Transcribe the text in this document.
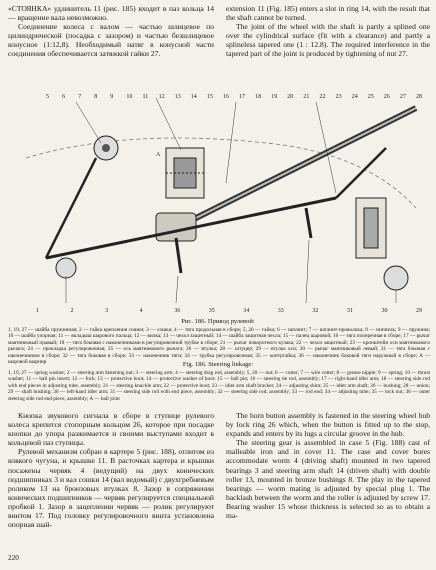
«СТОЯНКА» удлинитель 11 (рис. 185) входит в паз кольца 14 — вращение вала невозможно.

Соединение колеса с валом — частью шлицевое по цилиндрической (посадка с зазором) и частью безшлицевое конусное (1:12,8). Необходимый натяг в конусной части соединения обеспечивается затяжкой гайки 27.

extension 11 (Fig. 185) enters a slot in ring 14, with the result that the shaft cannot be turned.

The joint of the wheel with the shaft is partly a splined one over the cylindrical surface (fit with a clearance) and partly a splineless tapered one (1 : 12.8). The required interference in the tapered part of the joint is produced by tightening of nut 27.

5 6 7 8 9 10 11 12 13 14 15 16 17 18 19 20 21 22 23 24 25 26 27 28
1	2	3	4	36	35	34	33	32	31	30	29
А
Рис. 186. Привод рулевой:
1, 19, 27 — шайба пружинная; 2 — гайка крепления сошки; 3 — сошка; 4 — тяга продольная в сборе; 5, 20 — гайка; 6 — шплинт; 7 — шплинт-проволока; 8 — ниппель; 9 — пружина; 10 — шайба упорная; 11 — вкладыш шарового пальца; 12 — вилка; 13 — чехол защитный; 14 — шайба защитная чехла; 15 — палец шаровой; 16 — тяга поперечная в сборе; 17 — рычаг маятниковый правый; 18 — тяга боковая с наконечниками в регулировочной трубке в сборе; 21 — рычаг поворотного кулака; 22 — чехол защитный; 23 — кронштейн оси маятникового рычага; 24 — прокладка регулировочная; 25 — ось маятникового рычага; 26 — втулка; 28 — штуцер; 29 — втулка оси; 30 — рычаг маятниковый левый; 31 — тяга боковая с наконечником в сборе; 32 — тяга боковая в сборе; 33 — наконечник тяги; 34 — трубка регулировочная; 35 — контргайка; 36 — наконечник боковой тяги наружный в сборе; A — шаровой шарнир	Fig. 186. Steering linkage:
1, 19, 27 — spring washer; 2 — steering arm fastening nut; 3 — steering arm; 4 — steering drag rod, assembly; 5, 20 — nut; 6 — cotter; 7 — wire cotter; 8 — grease nipple; 9 — spring; 10 — thrust washer; 11 — ball pin insert; 12 — fork; 13 — protective boot; 14 — protective washer of boot; 15 — ball pin; 16 — steering tie rod, assembly; 17 — right-hand idler arm; 18 — steering side rod with end pieces in adjusting tube, assembly; 21 — steering knuckle arm; 22 — protective boot; 23 — idler arm shaft bracket; 24 — adjusting shim; 25 — idler arm shaft; 26 — bushing; 28 — union; 29 — shaft bushing; 30 — left-hand idler arm; 31 — steering side rod with end piece, assembly; 32 — steering side rod, assembly; 33 — rod end; 34 — adjusting tube; 35 — lock nut; 36 — outer steering side rod end piece, assembly; A — ball joint

Кнопка звукового сигнала в сборе в ступице рулевого колеса крепится стопорным кольцом 26, которое при посадке кнопки до упора разжимается и своими выступами входит в кольцевой паз ступицы.

Рулевой механизм собран в картере 5 (рис. 188), отлитом из ковкого чугуна, и крышке 11. В расточках картера и крышки посажены червяк 4 (ведущий) на двух конических подшипниках 3 и вал сошки 14 (вал ведомый) с двухгребневым роликом 13 на бронзовых втулках 8. Зазор в сопряжении конических подшипников — червяк регулируется специальной пробкой 1. Зазор в зацеплении червяк — ролик регулируют винтом 17. Под головку регулировочного винта установлена опорная шай-

The horn button assembly is fastened in the steering wheel hub by lock ring 26 which, when the button is fitted up to the stop, expands and enters by its lugs a circular groove in the hub.

The steering gear is assembled in case 5 (Fig. 188) cast of malleable iron and in cover 11. The case and cover bores accommodate worm 4 (driving shaft) mounted in two tapered bearings 3 and steering arm shaft 14 (driven shaft) with double roller 13, mounted in bronze bushings 8. The play in the tapered bearings — worm mating is adjusted by special plug 1. The backlash between the worm and the roller is adjusted by screw 17. Bearing washer 15 whose thickness is selected so as to obtain a ma-

220
